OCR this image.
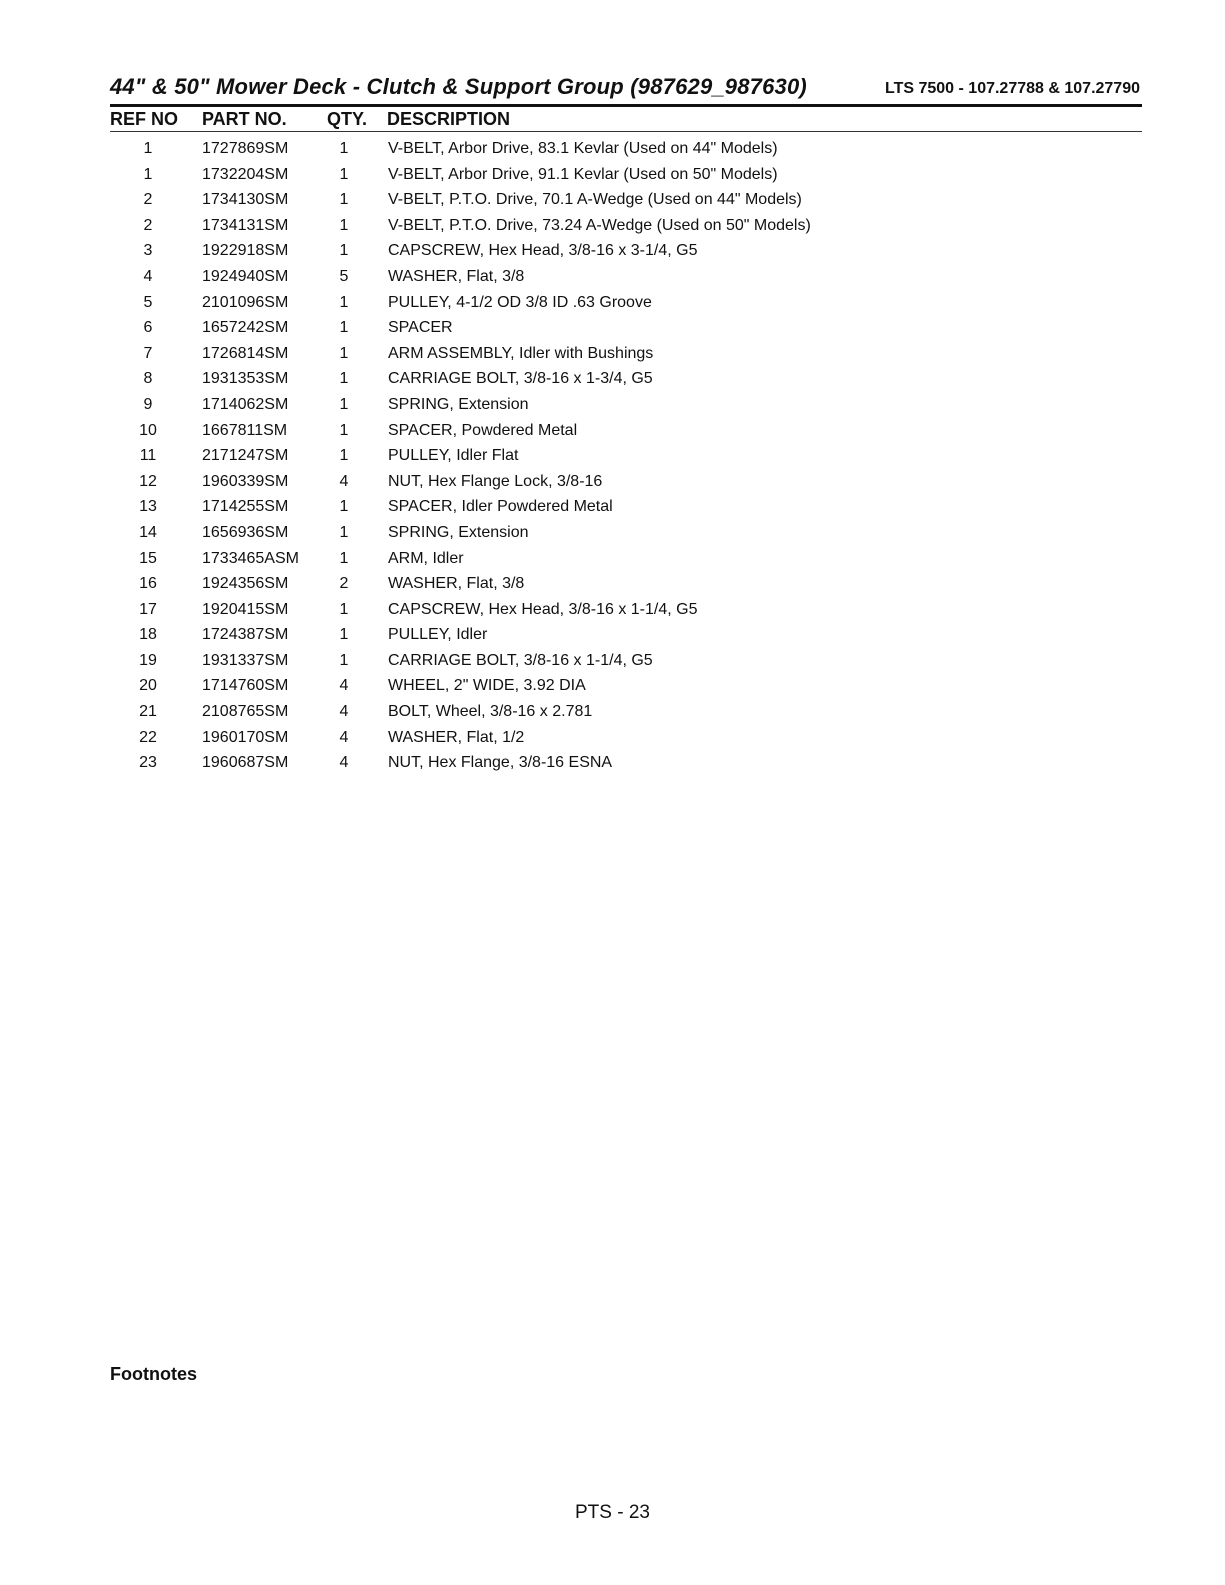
44" & 50" Mower Deck - Clutch & Support Group (987629_987630)	LTS 7500 - 107.27788 & 107.27790
REF NO PART NO. QTY. DESCRIPTION
1	1727869SM	1 V-BELT, Arbor Drive, 83.1 Kevlar (Used on 44" Models)
1	1732204SM	1 V-BELT, Arbor Drive, 91.1 Kevlar (Used on 50" Models)
2	1734130SM	1 V-BELT, P.T.O. Drive, 70.1 A-Wedge (Used on 44" Models)
2	1734131SM	1 V-BELT, P.T.O. Drive, 73.24 A-Wedge (Used on 50" Models)
3	1922918SM	1 CAPSCREW, Hex Head, 3/8-16 x 3-1/4, G5
4	1924940SM	5 WASHER, Flat, 3/8
5	2101096SM	1 PULLEY, 4-1/2 OD 3/8 ID .63 Groove
6	1657242SM	1 SPACER
7	1726814SM	1 ARM ASSEMBLY, Idler with Bushings
8	1931353SM	1 CARRIAGE BOLT, 3/8-16 x 1-3/4, G5
9	1714062SM	1 SPRING, Extension
10	1667811SM	1 SPACER, Powdered Metal
11	2171247SM	1 PULLEY, Idler Flat
12	1960339SM	4 NUT, Hex Flange Lock, 3/8-16
13	1714255SM	1 SPACER, Idler Powdered Metal
14	1656936SM	1 SPRING, Extension
15	1733465ASM	1 ARM, Idler
16	1924356SM	2 WASHER, Flat, 3/8
17	1920415SM	1 CAPSCREW, Hex Head, 3/8-16 x 1-1/4, G5
18	1724387SM	1 PULLEY, Idler
19	1931337SM	1 CARRIAGE BOLT, 3/8-16 x 1-1/4, G5
20	1714760SM	4 WHEEL, 2" WIDE, 3.92 DIA
21	2108765SM	4 BOLT, Wheel, 3/8-16 x 2.781
22	1960170SM	4 WASHER, Flat, 1/2
23	1960687SM	4 NUT, Hex Flange, 3/8-16 ESNA
Footnotes
PTS - 23
